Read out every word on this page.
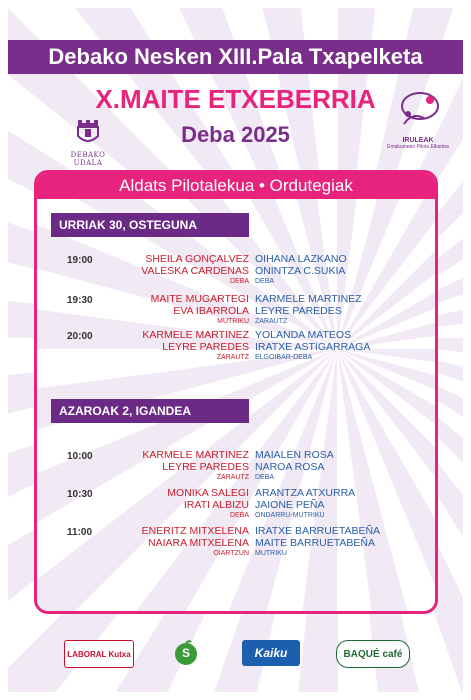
Debako Nesken XIII.Pala Txapelketa
X.MAITE ETXEBERRIA
Deba 2025
DEBAKO UDALA
IRULEAK
Emakumeen Pilota Elkartea
Aldats Pilotalekua • Ordutegiak
URRIAK 30, OSTEGUNA
19:00	SHEILA GONÇALVEZ
VALESKA CARDENAS
DEBA
OIHANA LAZKANO
ONINTZA C.SUKIA
DEBA
19:30	MAITE MUGARTEGI
EVA IBARROLA
MUTRIKU
KARMELE MARTINEZ
LEYRE PAREDES
ZARAUTZ
20:00	KARMELE MARTINEZ
LEYRE PAREDES
ZARAUTZ
YOLANDA MATEOS
IRATXE ASTIGARRAGA
ELGOIBAR-DEBA
AZAROAK 2, IGANDEA
10:00	KARMELE MARTINEZ
LEYRE PAREDES
ZARAUTZ
MAIALEN ROSA
NAROA ROSA
DEBA
10:30	MONIKA SALEGI
IRATI ALBIZU
DEBA
ARANTZA ATXURRA
JAIONE PEÑA
ONDARRU-MUTRIKU
11:00	ENERITZ MITXELENA
NAIARA MITXELENA
OIARTZUN
IRATXE BARRUETABEÑA
MAITE BARRUETABEÑA
MUTRIKU
LABORAL Kutxa	S	Kaiku	BAQUÉ café
